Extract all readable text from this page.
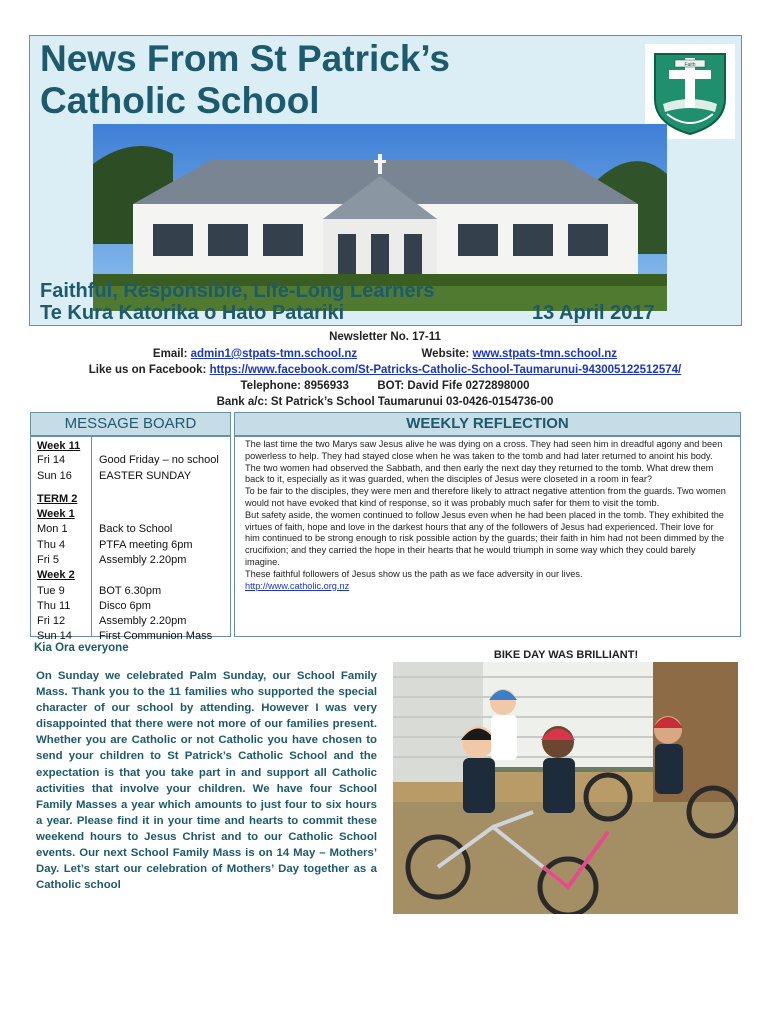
News From St Patrick’s
Catholic School
Faith
Faithful, Responsible, Life-Long Learners
Te Kura Katorika o Hato Patariki	13 April 2017
Newsletter No. 17-11
Email: admin1@stpats-tmn.school.nz	Website: www.stpats-tmn.school.nz
Like us on Facebook: https://www.facebook.com/St-Patricks-Catholic-School-Taumarunui-943005122512574/
Telephone: 8956933 BOT: David Fife 0272898000
Bank a/c: St Patrick’s School Taumarunui 03-0426-0154736-00
MESSAGE BOARD
Week 11
Fri 14	Good Friday – no school
Sun 16 EASTER SUNDAY
TERM 2
Week 1
Mon 1	Back to School
Thu 4	PTFA meeting 6pm
Fri 5	Assembly 2.20pm
Week 2
Tue 9	BOT 6.30pm
Thu 11	Disco 6pm
Fri 12	Assembly 2.20pm
Sun 14 First Communion Mass
WEEKLY REFLECTION

The last time the two Marys saw Jesus alive he was dying on a cross. They had seen him in dreadful agony and been powerless to help. They had stayed close when he was taken to the tomb and had later returned to anoint his body. The two women had observed the Sabbath, and then early the next day they returned to the tomb. What drew them back to it, especially as it was guarded, when the disciples of Jesus were closeted in a room in fear?

To be fair to the disciples, they were men and therefore likely to attract negative attention from the guards. Two women would not have evoked that kind of response, so it was probably much safer for them to visit the tomb.

But safety aside, the women continued to follow Jesus even when he had been placed in the tomb. They exhibited the virtues of faith, hope and love in the darkest hours that any of the followers of Jesus had experienced. Their love for him continued to be strong enough to risk possible action by the guards; their faith in him had not been dimmed by the crucifixion; and they carried the hope in their hearts that he would triumph in some way which they could barely imagine.

These faithful followers of Jesus show us the path as we face adversity in our lives.

http://www.catholic.org.nz
Kia Ora everyone

On Sunday we celebrated Palm Sunday, our School Family Mass. Thank you to the 11 families who supported the special character of our school by attending. However I was very disappointed that there were not more of our families present. Whether you are Catholic or not Catholic you have chosen to send your children to St Patrick’s Catholic School and the expectation is that you take part in and support all Catholic activities that involve your children. We have four School Family Masses a year which amounts to just four to six hours a year. Please find it in your time and hearts to commit these weekend hours to Jesus Christ and to our Catholic School events. Our next School Family Mass is on 14 May – Mothers’ Day. Let’s start our celebration of Mothers’ Day together as a Catholic school

BIKE DAY WAS BRILLIANT!
